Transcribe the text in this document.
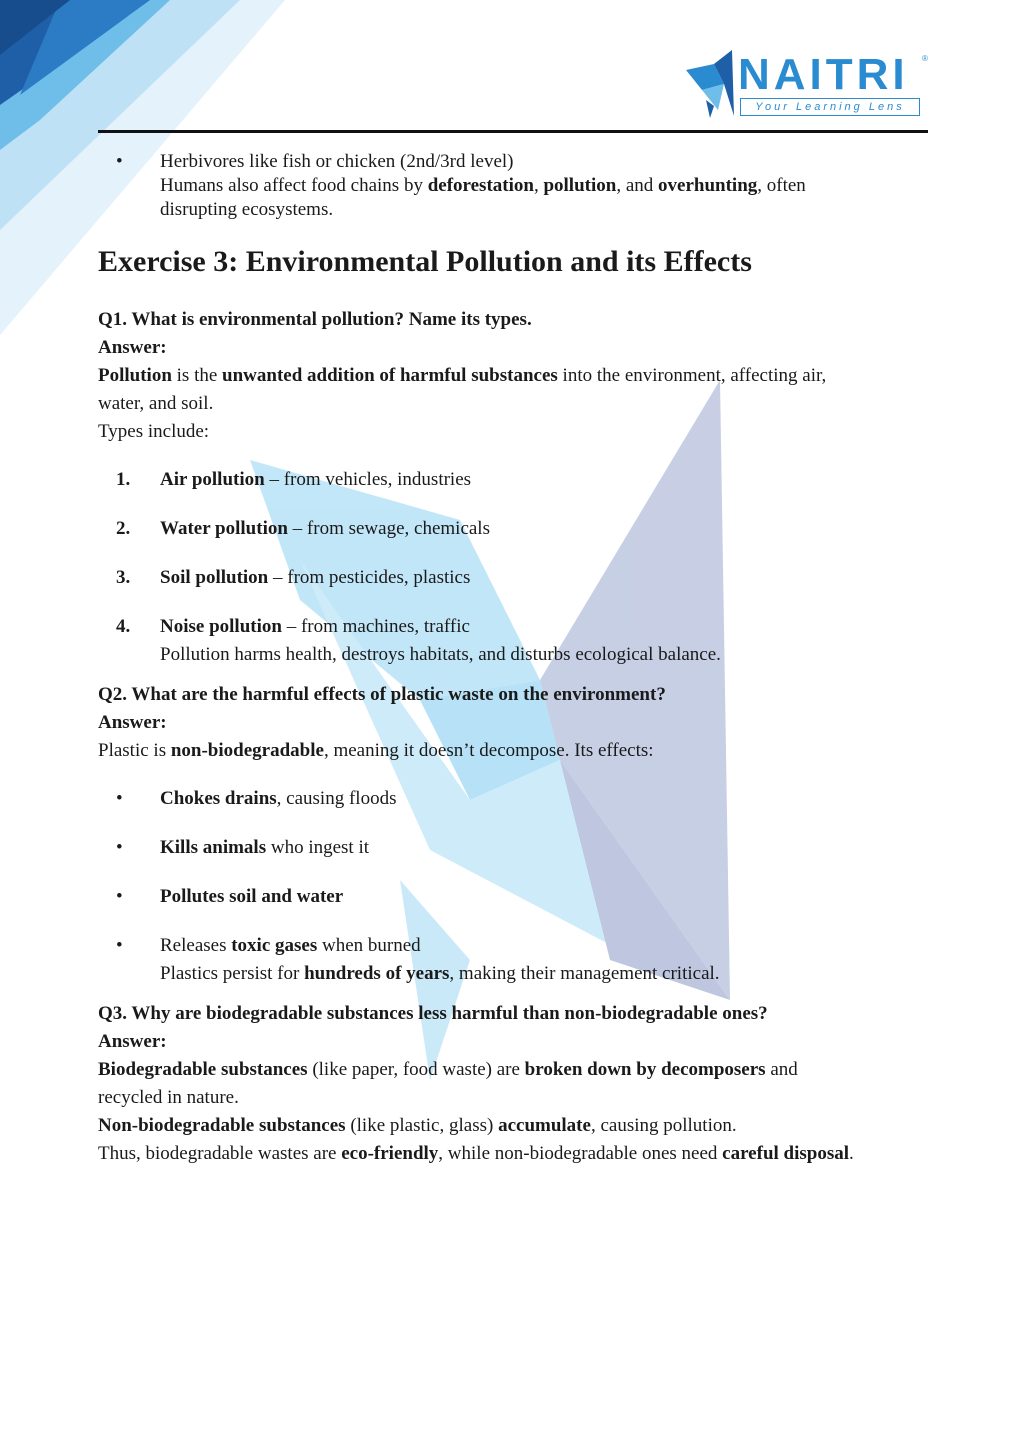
NAITRI ®
Your Learning Lens
• Herbivores like fish or chicken (2nd/3rd level)

Humans also affect food chains by deforestation, pollution, and overhunting, often

disrupting ecosystems.

Exercise 3: Environmental Pollution and its Effects

Q1. What is environmental pollution? Name its types.

Answer:

Pollution is the unwanted addition of harmful substances into the environment, affecting air,

water, and soil.

Types include:

1. Air pollution – from vehicles, industries
2. Water pollution – from sewage, chemicals
3. Soil pollution – from pesticides, plastics
4. Noise pollution – from machines, traffic

Pollution harms health, destroys habitats, and disturbs ecological balance.

Q2. What are the harmful effects of plastic waste on the environment?

Answer:

Plastic is non-biodegradable, meaning it doesn’t decompose. Its effects:

• Chokes drains, causing floods
• Kills animals who ingest it
• Pollutes soil and water
• Releases toxic gases when burned

Plastics persist for hundreds of years, making their management critical.

Q3. Why are biodegradable substances less harmful than non-biodegradable ones?

Answer:

Biodegradable substances (like paper, food waste) are broken down by decomposers and

recycled in nature.

Non-biodegradable substances (like plastic, glass) accumulate, causing pollution.

Thus, biodegradable wastes are eco-friendly, while non-biodegradable ones need careful disposal.
